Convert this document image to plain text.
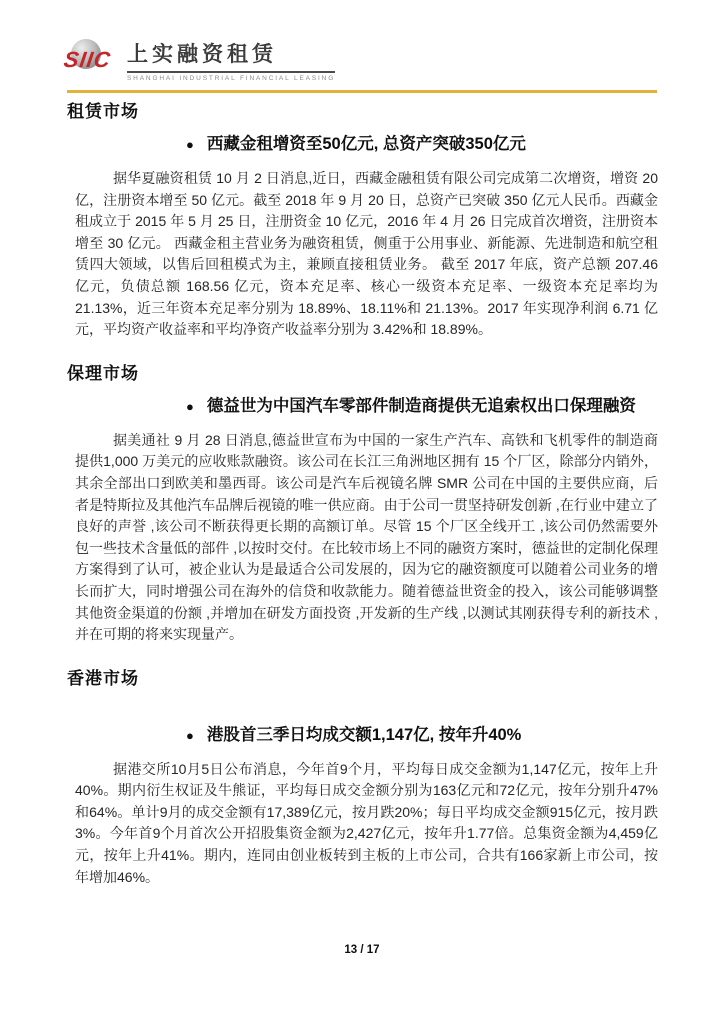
SIIC 上实融资租赁
SHANGHAI INDUSTRIAL FINANCIAL LEASING
租赁市场
● 西藏金租增资至50亿元, 总资产突破350亿元

据华夏融资租赁 10 月 2 日消息,近日，西藏金融租赁有限公司完成第二次增资，增资 20 亿，注册资本增至 50 亿元。截至 2018 年 9 月 20 日，总资产已突破 350 亿元人民币。西藏金租成立于 2015 年 5 月 25 日，注册资金 10 亿元，2016 年 4 月 26 日完成首次增资，注册资本增至 30 亿元。 西藏金租主营业务为融资租赁，侧重于公用事业、新能源、先进制造和航空租赁四大领域，以售后回租模式为主，兼顾直接租赁业务。 截至 2017 年底，资产总额 207.46 亿元，负债总额 168.56 亿元，资本充足率、核心一级资本充足率、一级资本充足率均为 21.13%，近三年资本充足率分别为 18.89%、18.11%和 21.13%。2017 年实现净利润 6.71 亿元，平均资产收益率和平均净资产收益率分别为 3.42%和 18.89%。

保理市场
● 德益世为中国汽车零部件制造商提供无追索权出口保理融资

据美通社 9 月 28 日消息,德益世宣布为中国的一家生产汽车、高铁和飞机零件的制造商提供1,000 万美元的应收账款融资。该公司在长江三角洲地区拥有 15 个厂区，除部分内销外，其余全部出口到欧美和墨西哥。该公司是汽车后视镜名牌 SMR 公司在中国的主要供应商，后者是特斯拉及其他汽车品牌后视镜的唯一供应商。由于公司一贯坚持研发创新 ,在行业中建立了良好的声誉 ,该公司不断获得更长期的高额订单。尽管 15 个厂区全线开工 ,该公司仍然需要外包一些技术含量低的部件 ,以按时交付。在比较市场上不同的融资方案时，德益世的定制化保理方案得到了认可，被企业认为是最适合公司发展的，因为它的融资额度可以随着公司业务的增长而扩大，同时增强公司在海外的信贷和收款能力。随着德益世资金的投入，该公司能够调整其他资金渠道的份额 ,并增加在研发方面投资 ,开发新的生产线 ,以测试其刚获得专利的新技术 ,并在可期的将来实现量产。

香港市场
● 港股首三季日均成交额1,147亿, 按年升40%

据港交所10月5日公布消息，今年首9个月，平均每日成交金额为1,147亿元，按年上升40%。期内衍生权证及牛熊证，平均每日成交金额分别为163亿元和72亿元，按年分别升47%和64%。单计9月的成交金额有17,389亿元，按月跌20%；每日平均成交金额915亿元，按月跌3%。今年首9个月首次公开招股集资金额为2,427亿元，按年升1.77倍。总集资金额为4,459亿元，按年上升41%。期内，连同由创业板转到主板的上市公司，合共有166家新上市公司，按年增加46%。

13 / 17
